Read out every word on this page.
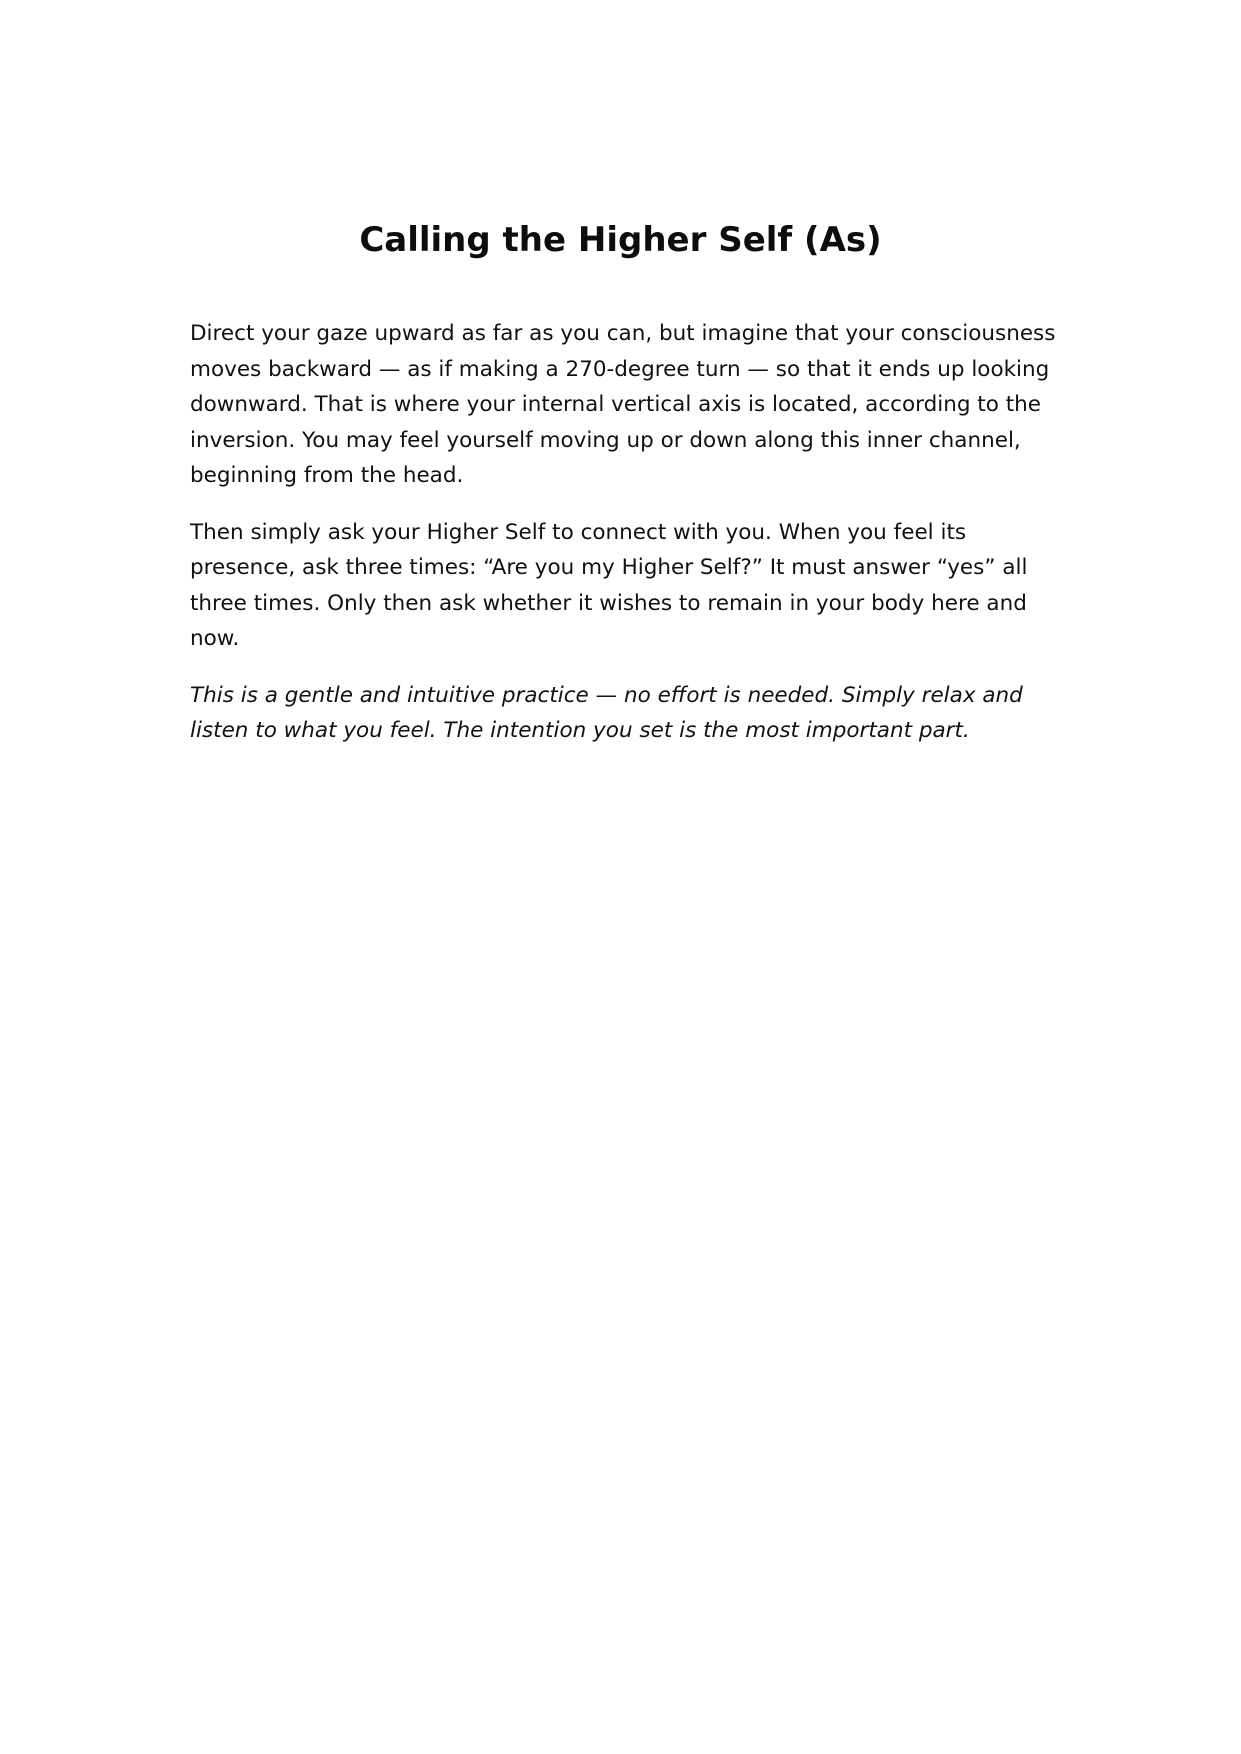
Calling the Higher Self (As)

Direct your gaze upward as far as you can, but imagine that your consciousness moves backward — as if making a 270-degree turn — so that it ends up looking downward. That is where your internal vertical axis is located, according to the inversion. You may feel yourself moving up or down along this inner channel, beginning from the head.

Then simply ask your Higher Self to connect with you. When you feel its presence, ask three times: “Are you my Higher Self?” It must answer “yes” all three times. Only then ask whether it wishes to remain in your body here and now.

This is a gentle and intuitive practice — no effort is needed. Simply relax and listen to what you feel. The intention you set is the most important part.
